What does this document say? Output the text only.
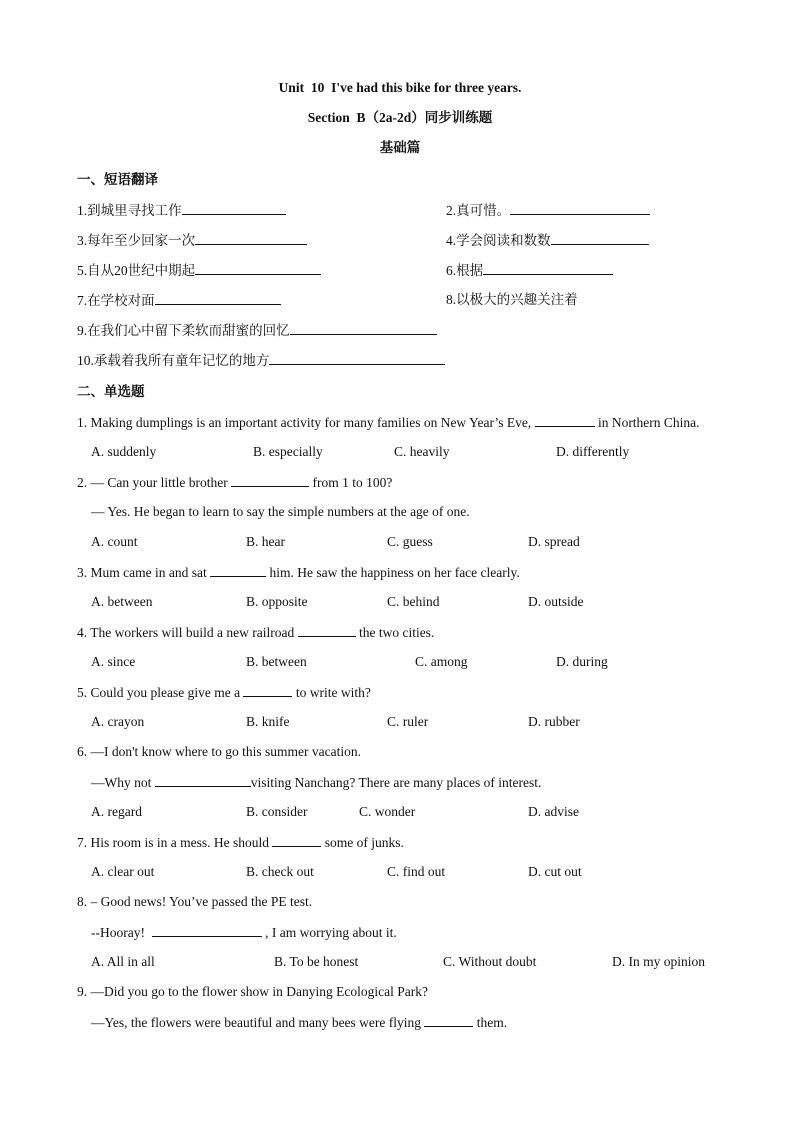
Unit  10  I've had this bike for three years.
Section  B（2a-2d）同步训练题
基础篇
一、短语翻译
1.到城里寻找工作	2.真可惜。
3.每年至少回家一次	4.学会阅读和数数
5.自从20世纪中期起	6.根据
7.在学校对面	8.以极大的兴趣关注着
9.在我们心中留下柔软而甜蜜的回忆
10.承载着我所有童年记忆的地方
二、单选题
1. Making dumplings is an important activity for many families on New Year’s Eve,	in Northern China.
A. suddenly	B. especially	C. heavily	D. differently
2. — Can your little brother	from 1 to 100?
— Yes. He began to learn to say the simple numbers at the age of one.
A. count	B. hear	C. guess	D. spread
3. Mum came in and sat	him. He saw the happiness on her face clearly.
A. between	B. opposite	C. behind	D. outside
4. The workers will build a new railroad	the two cities.
A. since	B. between	C. among	D. during
5. Could you please give me a	to write with?
A. crayon	B. knife	C. ruler	D. rubber
6. —I don't know where to go this summer vacation.
—Why not	visiting Nanchang? There are many places of interest.
A. regard	B. consider	C. wonder	D. advise
7. His room is in a mess. He should	some of junks.
A. clear out	B. check out	C. find out	D. cut out
8. – Good news! You’ve passed the PE test.
--Hooray!	, I am worrying about it.
A. All in all	B. To be honest	C. Without doubt	D. In my opinion
9. —Did you go to the flower show in Danying Ecological Park?
—Yes, the flowers were beautiful and many bees were flying	them.
